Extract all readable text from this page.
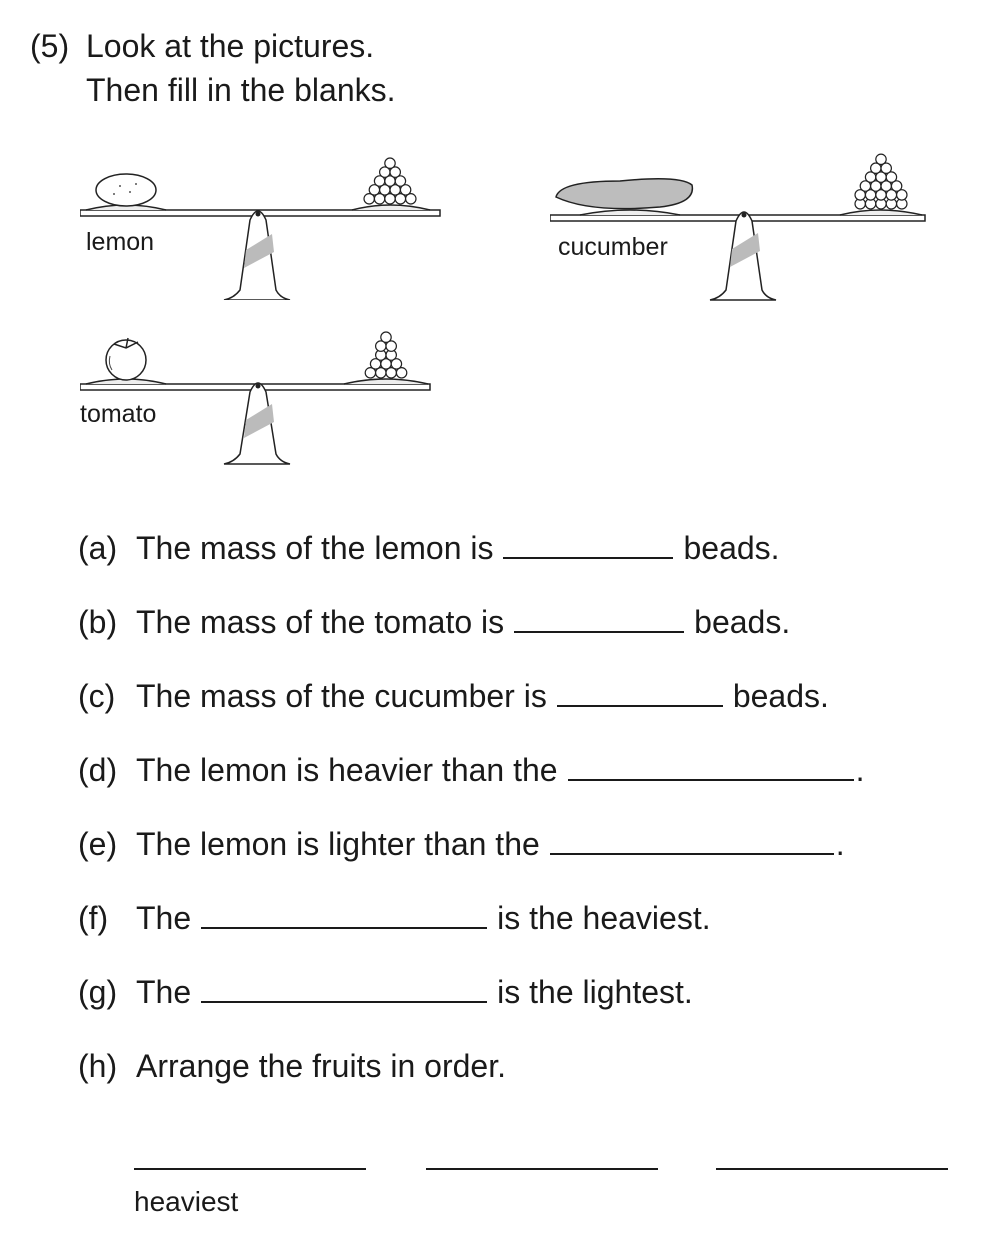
(5) Look at the pictures.
Then fill in the blanks.
lemon	cucumber
tomato
(a) The mass of the lemon is	beads.
(b) The mass of the tomato is	beads.
(c) The mass of the cucumber is	beads.
(d) The lemon is heavier than the	.
(e) The lemon is lighter than the	.
(f) The	is the heaviest.
(g) The	is the lightest.
(h) Arrange the fruits in order.
heaviest
